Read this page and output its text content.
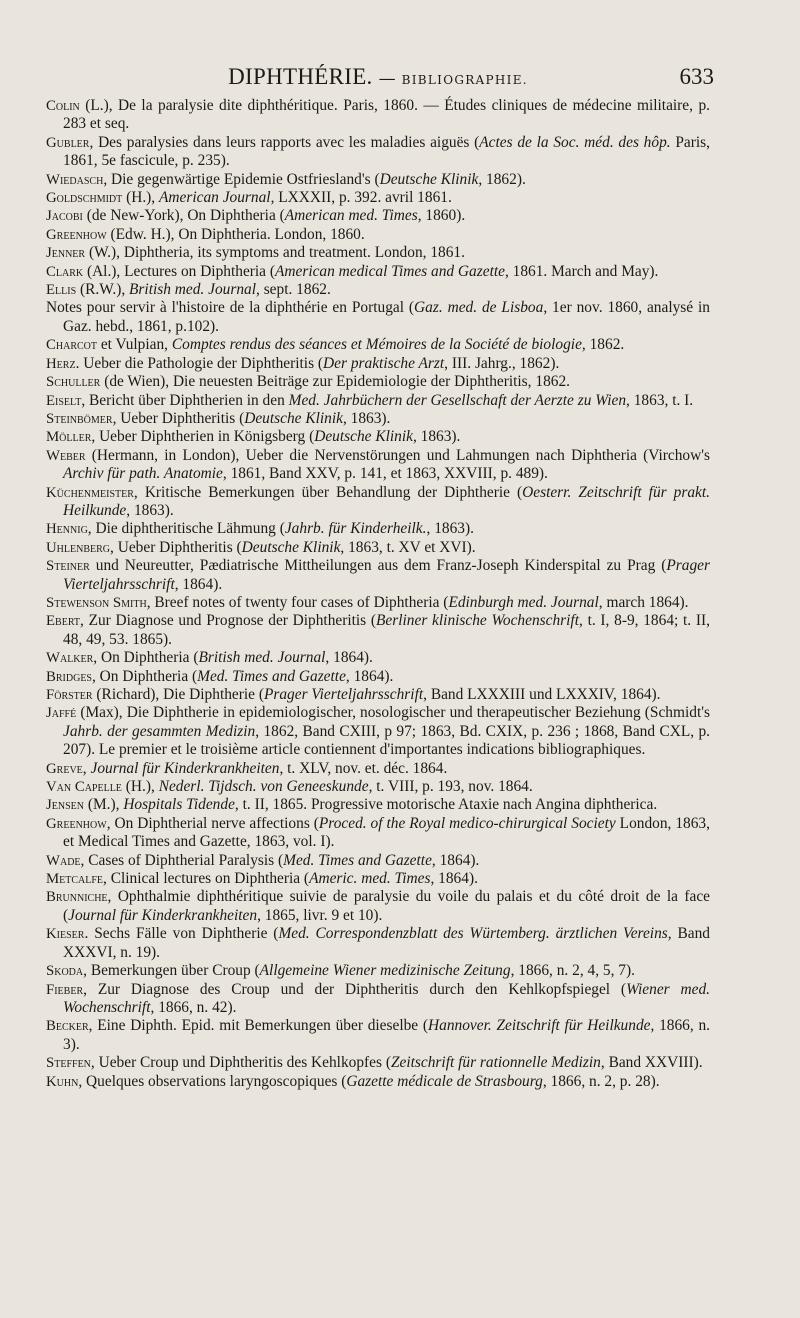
DIPHTHÉRIE. — BIBLIOGRAPHIE.	633

Colin (L.), De la paralysie dite diphthéritique. Paris, 1860. — Études cliniques de médecine militaire, p. 283 et seq.

Gubler, Des paralysies dans leurs rapports avec les maladies aiguës (Actes de la Soc. méd. des hôp. Paris, 1861, 5e fascicule, p. 235).

Wiedasch, Die gegenwärtige Epidemie Ostfriesland's (Deutsche Klinik, 1862).

Goldschmidt (H.), American Journal, LXXXII, p. 392. avril 1861.

Jacobi (de New-York), On Diphtheria (American med. Times, 1860).

Greenhow (Edw. H.), On Diphtheria. London, 1860.

Jenner (W.), Diphtheria, its symptoms and treatment. London, 1861.

Clark (Al.), Lectures on Diphtheria (American medical Times and Gazette, 1861. March and May).

Ellis (R.W.), British med. Journal, sept. 1862.

Notes pour servir à l'histoire de la diphthérie en Portugal (Gaz. med. de Lisboa, 1er nov. 1860, analysé in Gaz. hebd., 1861, p.102).

Charcot et Vulpian, Comptes rendus des séances et Mémoires de la Société de biologie, 1862.

Herz. Ueber die Pathologie der Diphtheritis (Der praktische Arzt, III. Jahrg., 1862).

Schuller (de Wien), Die neuesten Beiträge zur Epidemiologie der Diphtheritis, 1862.

Eiselt, Bericht über Diphtherien in den Med. Jahrbüchern der Gesellschaft der Aerzte zu Wien, 1863, t. I.

Steinbömer, Ueber Diphtheritis (Deutsche Klinik, 1863).

Möller, Ueber Diphtherien in Königsberg (Deutsche Klinik, 1863).

Weber (Hermann, in London), Ueber die Nervenstörungen und Lahmungen nach Diphtheria (Virchow's Archiv für path. Anatomie, 1861, Band XXV, p. 141, et 1863, XXVIII, p. 489).

Küchenmeister, Kritische Bemerkungen über Behandlung der Diphtherie (Oesterr. Zeitschrift für prakt. Heilkunde, 1863).

Hennig, Die diphtheritische Lähmung (Jahrb. für Kinderheilk., 1863).

Uhlenberg, Ueber Diphtheritis (Deutsche Klinik, 1863, t. XV et XVI).

Steiner und Neureutter, Pædiatrische Mittheilungen aus dem Franz-Joseph Kinderspital zu Prag (Prager Vierteljahrsschrift, 1864).

Stewenson Smith, Breef notes of twenty four cases of Diphtheria (Edinburgh med. Journal, march 1864).

Ebert, Zur Diagnose und Prognose der Diphtheritis (Berliner klinische Wochenschrift, t. I, 8-9, 1864; t. II, 48, 49, 53. 1865).

Walker, On Diphtheria (British med. Journal, 1864).

Bridges, On Diphtheria (Med. Times and Gazette, 1864).

Förster (Richard), Die Diphtherie (Prager Vierteljahrsschrift, Band LXXXIII und LXXXIV, 1864).

Jaffé (Max), Die Diphtherie in epidemiologischer, nosologischer und therapeutischer Beziehung (Schmidt's Jahrb. der gesammten Medizin, 1862, Band CXIII, p 97; 1863, Bd. CXIX, p. 236 ; 1868, Band CXL, p. 207). Le premier et le troisième article contiennent d'importantes indications bibliographiques.

Greve, Journal für Kinderkrankheiten, t. XLV, nov. et. déc. 1864.

Van Capelle (H.), Nederl. Tijdsch. von Geneeskunde, t. VIII, p. 193, nov. 1864.

Jensen (M.), Hospitals Tidende, t. II, 1865. Progressive motorische Ataxie nach Angina diphtherica.

Greenhow, On Diphtherial nerve affections (Proced. of the Royal medico-chirurgical Society London, 1863, et Medical Times and Gazette, 1863, vol. I).

Wade, Cases of Diphtherial Paralysis (Med. Times and Gazette, 1864).

Metcalfe, Clinical lectures on Diphtheria (Americ. med. Times, 1864).

Brunniche, Ophthalmie diphthéritique suivie de paralysie du voile du palais et du côté droit de la face (Journal für Kinderkrankheiten, 1865, livr. 9 et 10).

Kieser. Sechs Fälle von Diphtherie (Med. Correspondenzblatt des Würtemberg. ärztlichen Vereins, Band XXXVI, n. 19).

Skoda, Bemerkungen über Croup (Allgemeine Wiener medizinische Zeitung, 1866, n. 2, 4, 5, 7).

Fieber, Zur Diagnose des Croup und der Diphtheritis durch den Kehlkopfspiegel (Wiener med. Wochenschrift, 1866, n. 42).

Becker, Eine Diphth. Epid. mit Bemerkungen über dieselbe (Hannover. Zeitschrift für Heilkunde, 1866, n. 3).

Steffen, Ueber Croup und Diphtheritis des Kehlkopfes (Zeitschrift für rationnelle Medizin, Band XXVIII).

Kuhn, Quelques observations laryngoscopiques (Gazette médicale de Strasbourg, 1866, n. 2, p. 28).
